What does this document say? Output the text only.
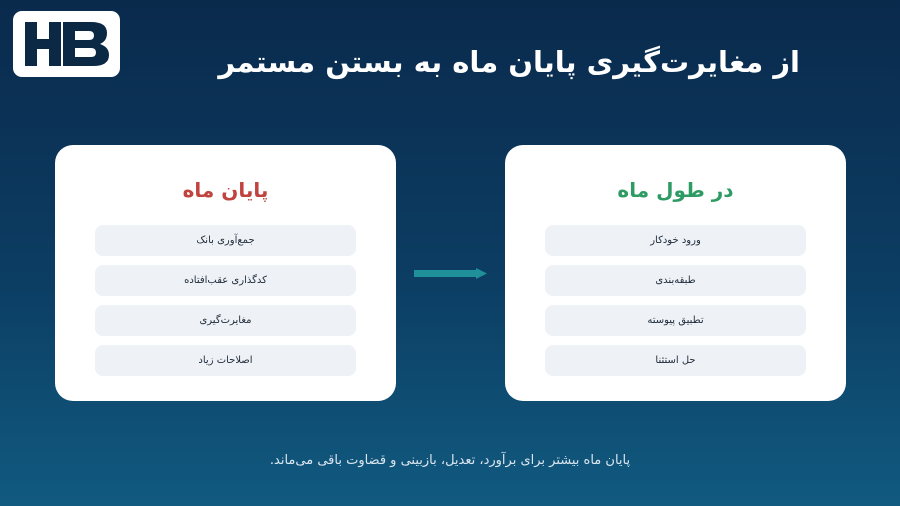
از مغایرت‌گیری پایان ماه به بستن مستمر
پایان ماه
جمع‌آوری بانک
کدگذاری عقب‌افتاده
مغایرت‌گیری
اصلاحات زیاد
در طول ماه
ورود خودکار
طبقه‌بندی
تطبیق پیوسته
حل استثنا
پایان ماه بیشتر برای برآورد، تعدیل، بازبینی و قضاوت باقی می‌ماند.
